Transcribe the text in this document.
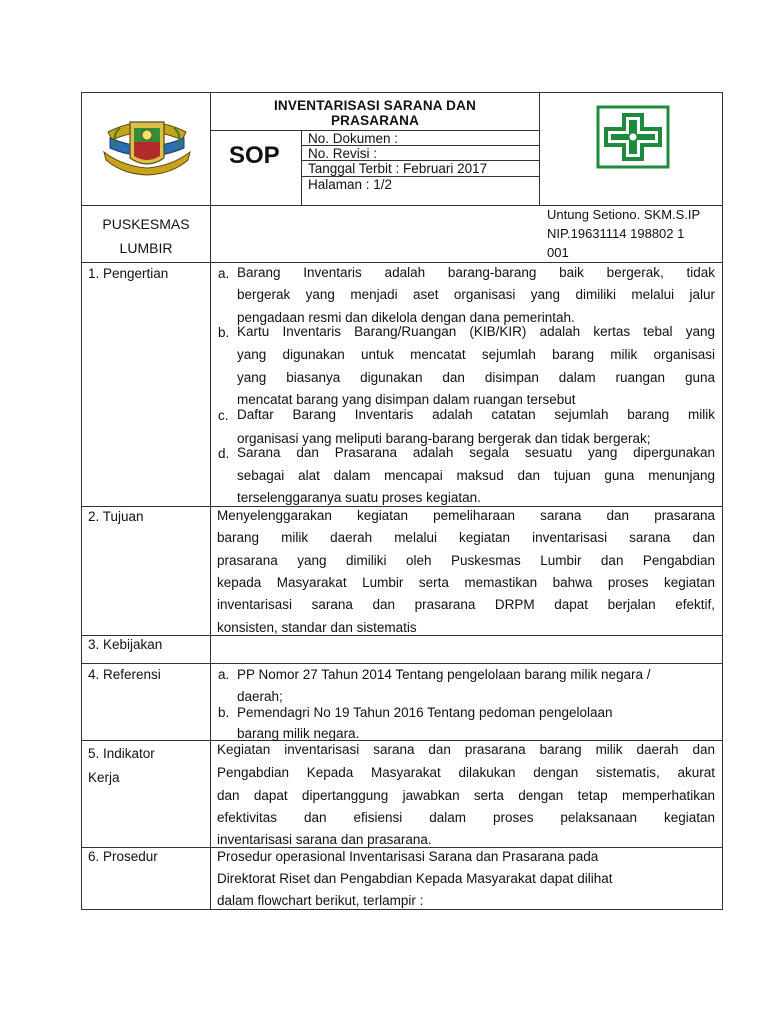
INVENTARISASI SARANA DAN
PRASARANA
SOP
No. Dokumen :
No. Revisi :
Tanggal Terbit : Februari 2017
Halaman : 1/2
PUSKESMAS
LUMBIR
Untung Setiono. SKM.S.IP
NIP.19631114 198802 1
001
1. Pengertian	a. Barang Inventaris adalah barang-barang baik bergerak, tidak
bergerak yang menjadi aset organisasi yang dimiliki melalui jalur
pengadaan resmi dan dikelola dengan dana pemerintah.
b. Kartu Inventaris Barang/Ruangan (KIB/KIR) adalah kertas tebal yang
yang digunakan untuk mencatat sejumlah barang milik organisasi
yang biasanya digunakan dan disimpan dalam ruangan guna
mencatat barang yang disimpan dalam ruangan tersebut
c. Daftar Barang Inventaris adalah catatan sejumlah barang milik
organisasi yang meliputi barang-barang bergerak dan tidak bergerak;
d. Sarana dan Prasarana adalah segala sesuatu yang dipergunakan
sebagai alat dalam mencapai maksud dan tujuan guna menunjang
terselenggaranya suatu proses kegiatan.
2. Tujuan	Menyelenggarakan kegiatan pemeliharaan sarana dan prasarana
barang milik daerah melalui kegiatan inventarisasi sarana dan
prasarana yang dimiliki oleh Puskesmas Lumbir dan Pengabdian
kepada Masyarakat Lumbir serta memastikan bahwa proses kegiatan
inventarisasi sarana dan prasarana DRPM dapat berjalan efektif,
konsisten, standar dan sistematis
3. Kebijakan
4. Referensi	a. PP Nomor 27 Tahun 2014 Tentang pengelolaan barang milik negara /
daerah;
b. Pemendagri No 19 Tahun 2016 Tentang pedoman pengelolaan
barang milik negara.
5. Indikator
Kerja
Kegiatan inventarisasi sarana dan prasarana barang milik daerah dan
Pengabdian Kepada Masyarakat dilakukan dengan sistematis, akurat
dan dapat dipertanggung jawabkan serta dengan tetap memperhatikan
efektivitas dan efisiensi dalam proses pelaksanaan kegiatan
inventarisasi sarana dan prasarana.
6. Prosedur	Prosedur operasional Inventarisasi Sarana dan Prasarana pada
Direktorat Riset dan Pengabdian Kepada Masyarakat dapat dilihat
dalam flowchart berikut, terlampir :
